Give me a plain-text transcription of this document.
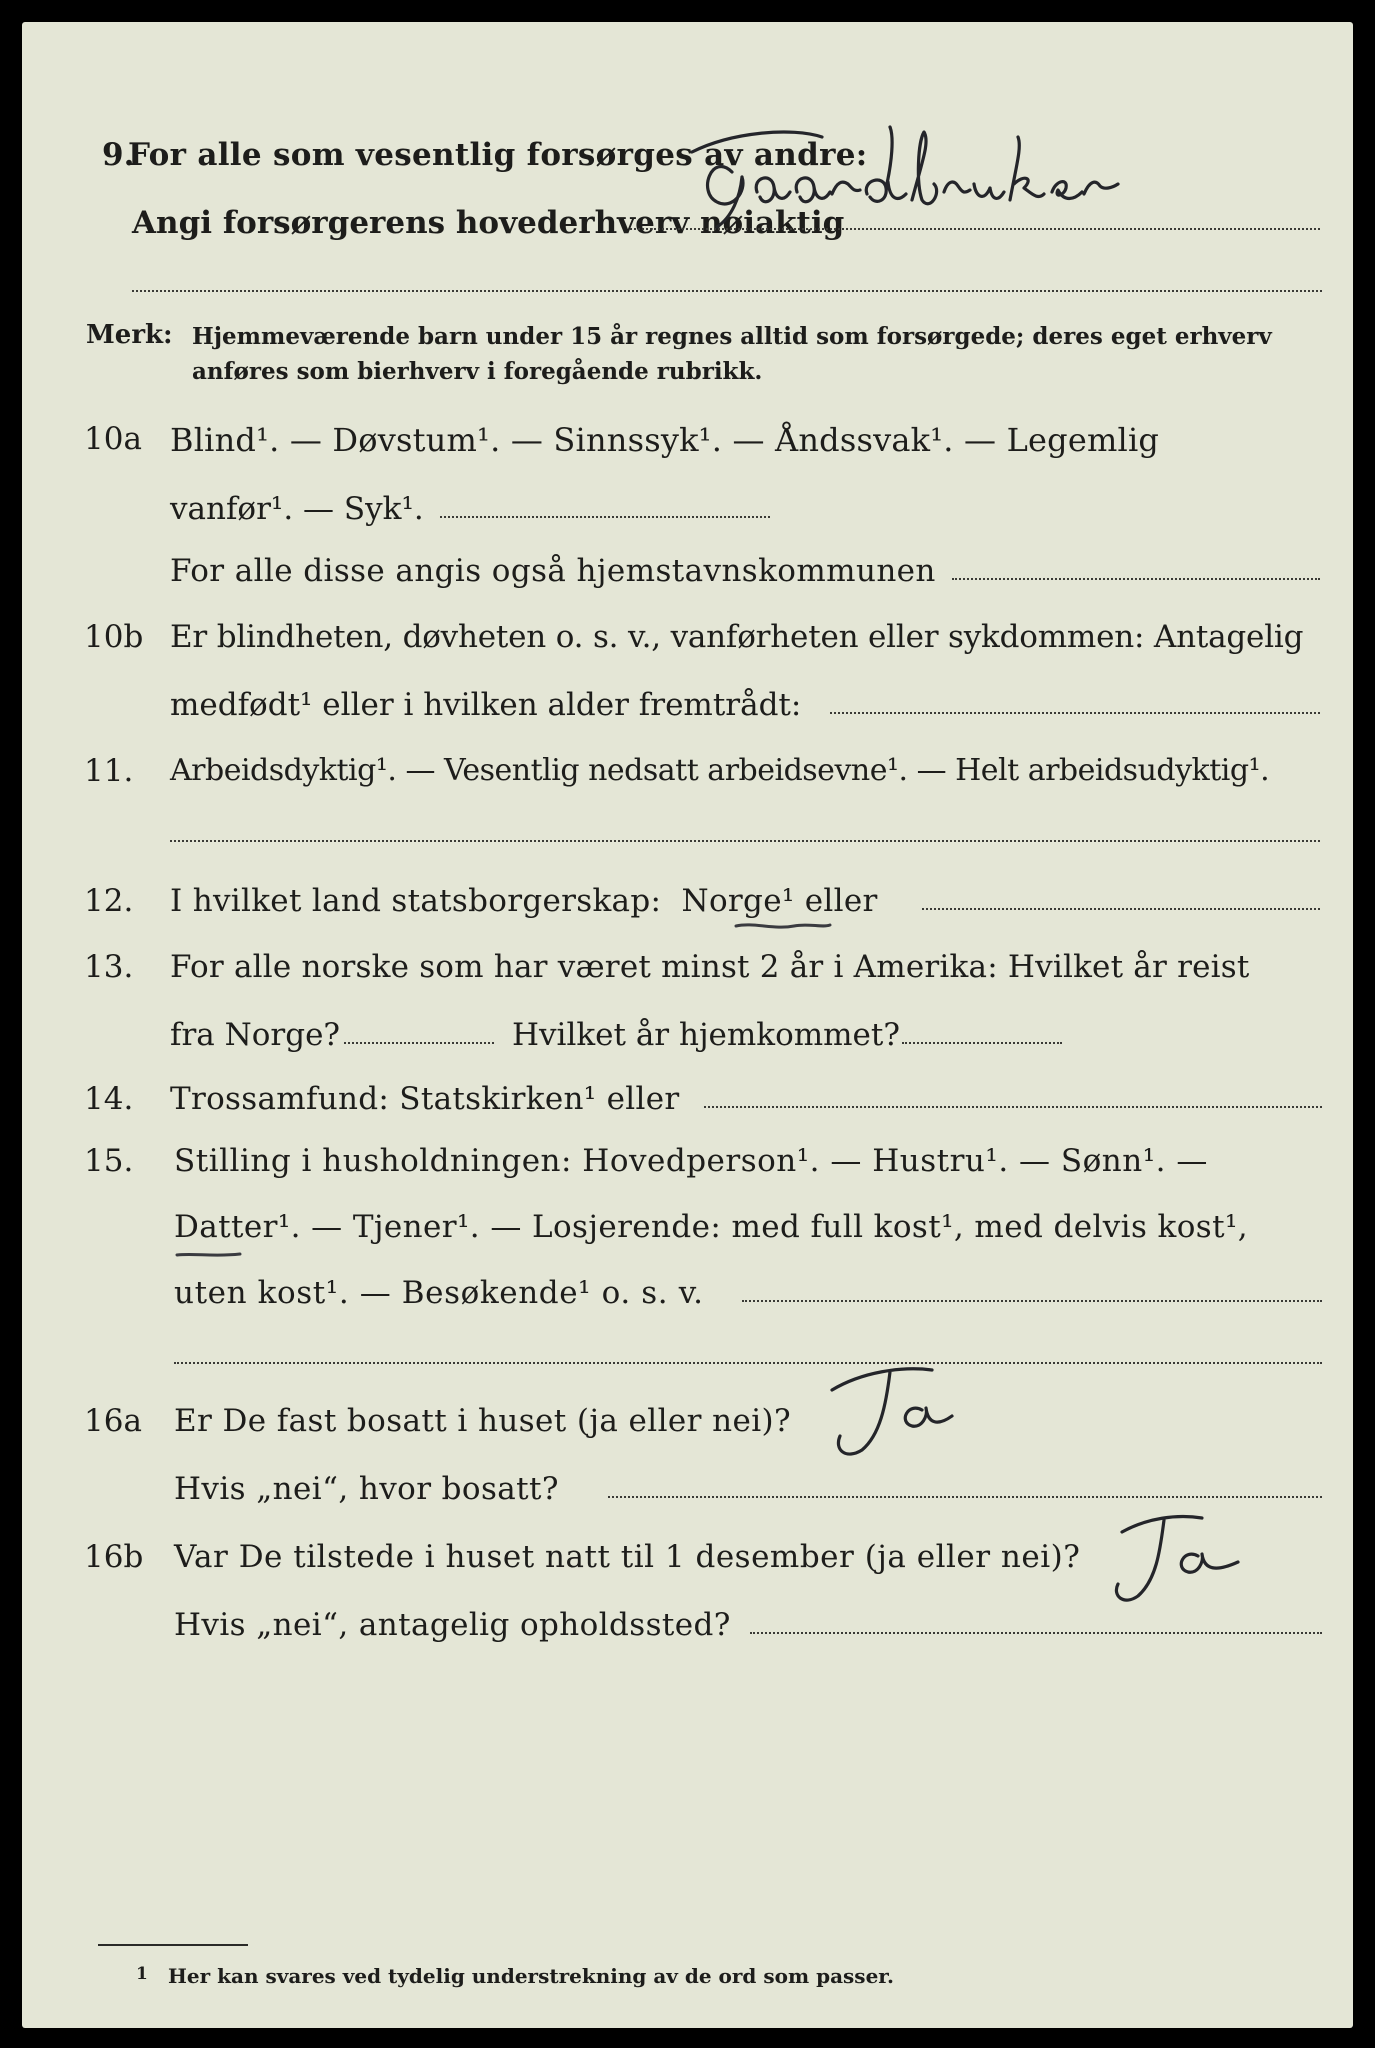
9.
For alle som vesentlig forsørges av andre:
Angi forsørgerens hovederhverv nøiaktig
Merk: Hjemmeværende barn under 15 år regnes alltid som forsørgede; deres eget erhverv
anføres som bierhverv i foregående rubrikk.
10a Blind¹. — Døvstum¹. — Sinnssyk¹. — Åndssvak¹. — Legemlig
vanfør¹. — Syk¹.
For alle disse angis også hjemstavnskommunen
10b Er blindheten, døvheten o. s. v., vanførheten eller sykdommen: Antagelig
medfødt¹ eller i hvilken alder fremtrådt:
11. Arbeidsdyktig¹. — Vesentlig nedsatt arbeidsevne¹. — Helt arbeidsudyktig¹.
12. I hvilket land statsborgerskap: Norge¹ eller
13. For alle norske som har været minst 2 år i Amerika: Hvilket år reist
fra Norge?	Hvilket år hjemkommet?
14. Trossamfund: Statskirken¹ eller
15. Stilling i husholdningen: Hovedperson¹. — Hustru¹. — Sønn¹. —
Datter¹. — Tjener¹. — Losjerende: med full kost¹, med delvis kost¹,
uten kost¹. — Besøkende¹ o. s. v.
16a Er De fast bosatt i huset (ja eller nei)?
Hvis „nei“, hvor bosatt?
16b Var De tilstede i huset natt til 1 desember (ja eller nei)?
Hvis „nei“, antagelig opholdssted?
1 Her kan svares ved tydelig understrekning av de ord som passer.
